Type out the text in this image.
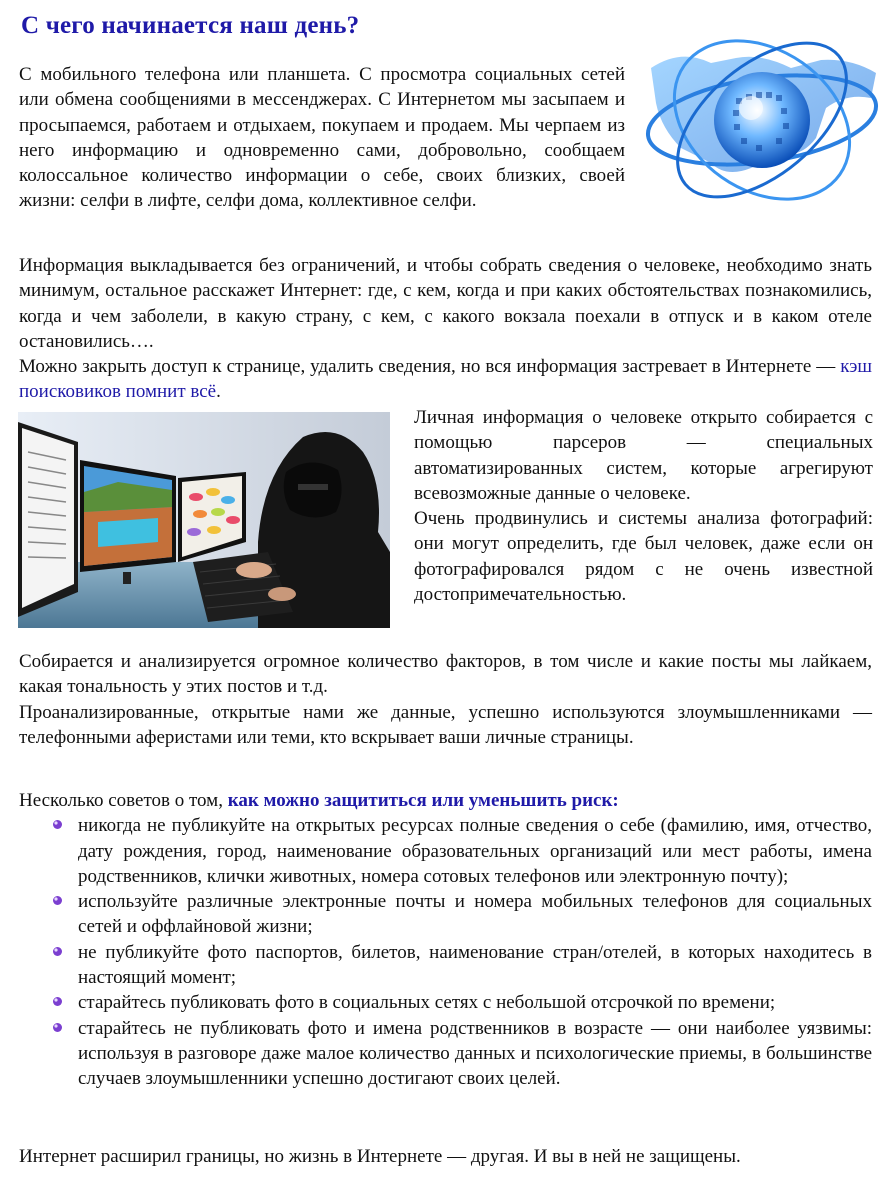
С чего начинается наш день?

С мобильного телефона или планшета. С просмотра социальных сетей или обмена сообщениями в мессенджерах. С Интернетом мы засыпаем и просыпаемся, работаем и отдыхаем, покупаем и продаем. Мы черпаем из него информацию и одновременно сами, добровольно, сообщаем колоссальное количество информации о себе, своих близких, своей жизни: селфи в лифте, селфи дома, коллективное селфи.

Информация выкладывается без ограничений, и чтобы собрать сведения о человеке, необходимо знать минимум, остальное расскажет Интернет: где, с кем, когда и при каких обстоятельствах познакомились, когда и чем заболели, в какую страну, с кем, с какого вокзала поехали в отпуск и в каком отеле остановились….

Можно закрыть доступ к странице, удалить сведения, но вся информация застревает в Интернете — кэш поисковиков помнит всё.

Личная информация о человеке открыто собирается с помощью парсеров — специальных автоматизированных систем, которые агрегируют всевозможные данные о человеке.

Очень продвинулись и системы анализа фотографий: они могут определить, где был человек, даже если он фотографировался рядом с не очень известной достопримечательностью.

Собирается и анализируется огромное количество факторов, в том числе и какие посты мы лайкаем, какая тональность у этих постов и т.д.

Проанализированные, открытые нами же данные, успешно используются злоумышленниками — телефонными аферистами или теми, кто вскрывает ваши личные страницы.

Несколько советов о том, как можно защититься или уменьшить риск:

никогда не публикуйте на открытых ресурсах полные сведения о себе (фамилию, имя, отчество, дату рождения, город, наименование образовательных организаций или мест работы, имена родственников, клички животных, номера сотовых телефонов или электронную почту);
используйте различные электронные почты и номера мобильных телефонов для социальных сетей и оффлайновой жизни;
не публикуйте фото паспортов, билетов, наименование стран/отелей, в которых находитесь в настоящий момент;
старайтесь публиковать фото в социальных сетях с небольшой отсрочкой по времени;
старайтесь не публиковать фото и имена родственников в возрасте — они наиболее уязвимы: используя в разговоре даже малое количество данных и психологические приемы, в большинстве случаев злоумышленники успешно достигают своих целей.

Интернет расширил границы, но жизнь в Интернете — другая. И вы в ней не защищены.
